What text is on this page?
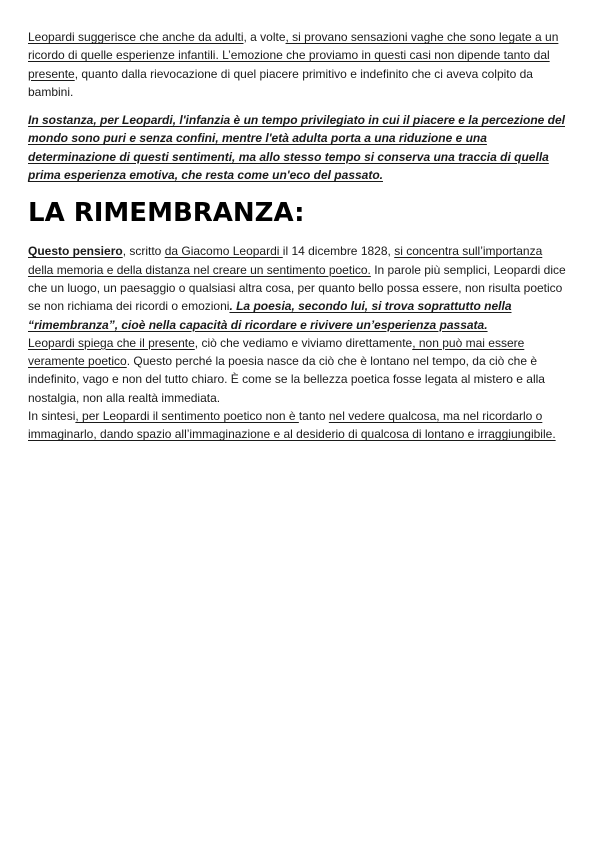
Leopardi suggerisce che anche da adulti, a volte, si provano sensazioni vaghe che sono legate a un ricordo di quelle esperienze infantili. L’emozione che proviamo in questi casi non dipende tanto dal presente, quanto dalla rievocazione di quel piacere primitivo e indefinito che ci aveva colpito da bambini.

In sostanza, per Leopardi, l'infanzia è un tempo privilegiato in cui il piacere e la percezione del mondo sono puri e senza confini, mentre l'età adulta porta a una riduzione e una determinazione di questi sentimenti, ma allo stesso tempo si conserva una traccia di quella prima esperienza emotiva, che resta come un'eco del passato.

LA RIMEMBRANZA:

Questo pensiero, scritto da Giacomo Leopardi il 14 dicembre 1828, si concentra sull’importanza della memoria e della distanza nel creare un sentimento poetico. In parole più semplici, Leopardi dice che un luogo, un paesaggio o qualsiasi altra cosa, per quanto bello possa essere, non risulta poetico se non richiama dei ricordi o emozioni. La poesia, secondo lui, si trova soprattutto nella “rimembranza”, cioè nella capacità di ricordare e rivivere un’esperienza passata.

Leopardi spiega che il presente, ciò che vediamo e viviamo direttamente, non può mai essere veramente poetico. Questo perché la poesia nasce da ciò che è lontano nel tempo, da ciò che è indefinito, vago e non del tutto chiaro. È come se la bellezza poetica fosse legata al mistero e alla nostalgia, non alla realtà immediata.

In sintesi, per Leopardi il sentimento poetico non è tanto nel vedere qualcosa, ma nel ricordarlo o immaginarlo, dando spazio all’immaginazione e al desiderio di qualcosa di lontano e irraggiungibile.
